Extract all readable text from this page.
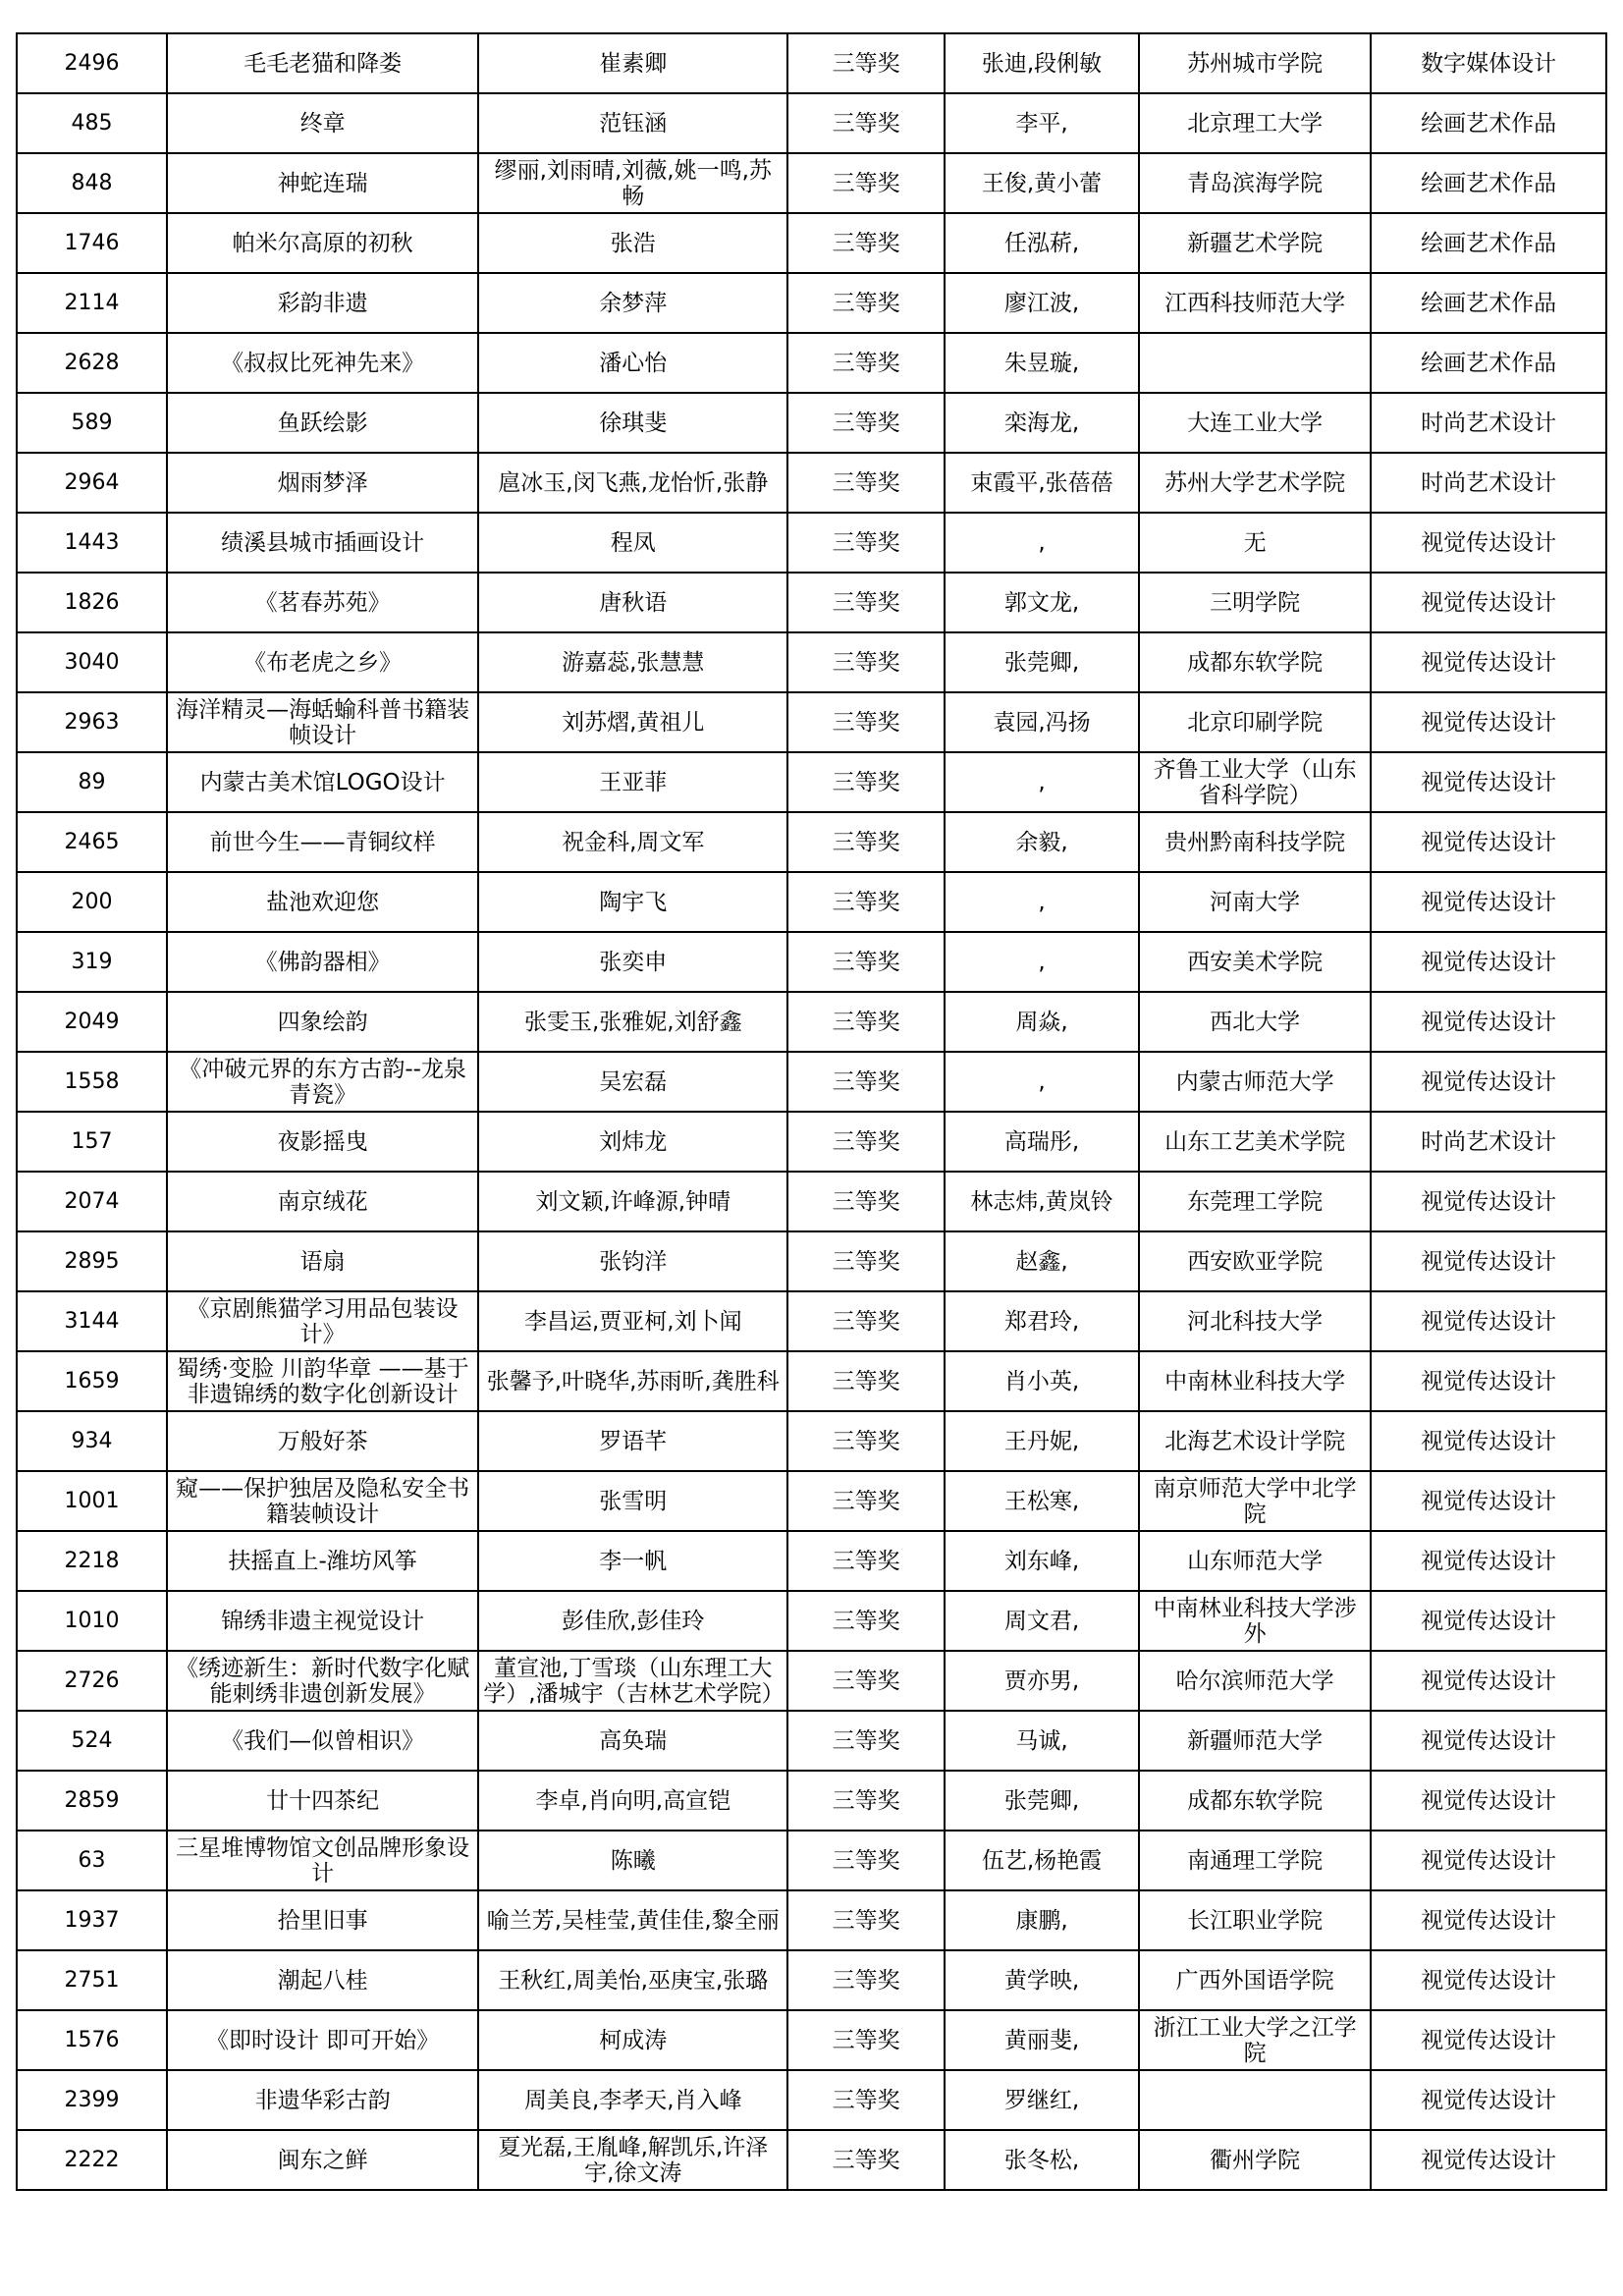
2496	毛毛老猫和降娄	崔素卿	三等奖	张迪,段俐敏	苏州城市学院	数字媒体设计
485	终章	范钰涵	三等奖	李平,	北京理工大学	绘画艺术作品
848	神蛇连瑞	缪丽,刘雨晴,刘薇,姚一鸣,苏畅	三等奖	王俊,黄小蕾	青岛滨海学院	绘画艺术作品
1746	帕米尔高原的初秋	张浩	三等奖	任泓菥,	新疆艺术学院	绘画艺术作品
2114	彩韵非遗	余梦萍	三等奖	廖江波,	江西科技师范大学	绘画艺术作品
2628	《叔叔比死神先来》	潘心怡	三等奖	朱昱璇,		绘画艺术作品
589	鱼跃绘影	徐琪斐	三等奖	栾海龙,	大连工业大学	时尚艺术设计
2964	烟雨梦泽	扈冰玉,闵飞燕,龙怡忻,张静	三等奖	束霞平,张蓓蓓	苏州大学艺术学院	时尚艺术设计
1443	绩溪县城市插画设计	程凤	三等奖	,	无	视觉传达设计
1826	《茗春苏苑》	唐秋语	三等奖	郭文龙,	三明学院	视觉传达设计
3040	《布老虎之乡》	游嘉蕊,张慧慧	三等奖	张莞卿,	成都东软学院	视觉传达设计
2963	海洋精灵—海蛞蝓科普书籍装帧设计	刘苏熠,黄祖儿	三等奖	袁园,冯扬	北京印刷学院	视觉传达设计
89	内蒙古美术馆LOGO设计	王亚菲	三等奖	,	齐鲁工业大学（山东省科学院）	视觉传达设计
2465	前世今生——青铜纹样	祝金科,周文军	三等奖	余毅,	贵州黔南科技学院	视觉传达设计
200	盐池欢迎您	陶宇飞	三等奖	,	河南大学	视觉传达设计
319	《佛韵器相》	张奕申	三等奖	,	西安美术学院	视觉传达设计
2049	四象绘韵	张雯玉,张雅妮,刘舒鑫	三等奖	周焱,	西北大学	视觉传达设计
1558	《冲破元界的东方古韵--龙泉青瓷》	吴宏磊	三等奖	,	内蒙古师范大学	视觉传达设计
157	夜影摇曳	刘炜龙	三等奖	高瑞彤,	山东工艺美术学院	时尚艺术设计
2074	南京绒花	刘文颖,许峰源,钟晴	三等奖	林志炜,黄岚铃	东莞理工学院	视觉传达设计
2895	语扇	张钧洋	三等奖	赵鑫,	西安欧亚学院	视觉传达设计
3144	《京剧熊猫学习用品包装设计》	李昌运,贾亚柯,刘卜闻	三等奖	郑君玲,	河北科技大学	视觉传达设计
1659	蜀绣·变脸 川韵华章 ——基于非遗锦绣的数字化创新设计	张馨予,叶晓华,苏雨昕,龚胜科	三等奖	肖小英,	中南林业科技大学	视觉传达设计
934	万般好茶	罗语芊	三等奖	王丹妮,	北海艺术设计学院	视觉传达设计
1001	窥——保护独居及隐私安全书籍装帧设计	张雪明	三等奖	王松寒,	南京师范大学中北学院	视觉传达设计
2218	扶摇直上-潍坊风筝	李一帆	三等奖	刘东峰,	山东师范大学	视觉传达设计
1010	锦绣非遗主视觉设计	彭佳欣,彭佳玲	三等奖	周文君,	中南林业科技大学涉外	视觉传达设计
2726	《绣迹新生：新时代数字化赋能刺绣非遗创新发展》	董宣池,丁雪琰（山东理工大学）,潘城宇（吉林艺术学院）	三等奖	贾亦男,	哈尔滨师范大学	视觉传达设计
524	《我们—似曾相识》	高奂瑞	三等奖	马诚,	新疆师范大学	视觉传达设计
2859	廿十四茶纪	李卓,肖向明,高宣铠	三等奖	张莞卿,	成都东软学院	视觉传达设计
63	三星堆博物馆文创品牌形象设计	陈曦	三等奖	伍艺,杨艳霞	南通理工学院	视觉传达设计
1937	拾里旧事	喻兰芳,吴桂莹,黄佳佳,黎全丽	三等奖	康鹏,	长江职业学院	视觉传达设计
2751	潮起八桂	王秋红,周美怡,巫庚宝,张璐	三等奖	黄学映,	广西外国语学院	视觉传达设计
1576	《即时设计 即可开始》	柯成涛	三等奖	黄丽斐,	浙江工业大学之江学院	视觉传达设计
2399	非遗华彩古韵	周美良,李孝天,肖入峰	三等奖	罗继红,		视觉传达设计
2222	闽东之鲜	夏光磊,王胤峰,解凯乐,许泽宇,徐文涛	三等奖	张冬松,	衢州学院	视觉传达设计
